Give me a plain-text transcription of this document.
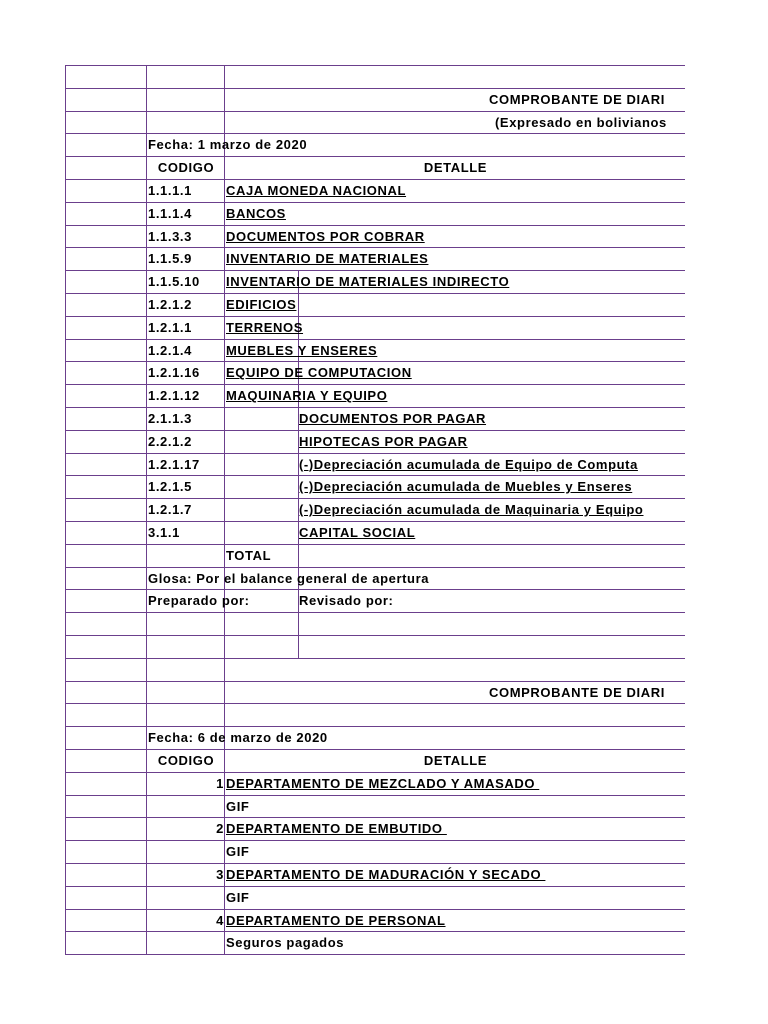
COMPROBANTE DE DIARI
(Expresado en bolivianos
Fecha: 1 marzo de 2020
CODIGO	DETALLE
1.1.1.1	CAJA MONEDA NACIONAL
1.1.1.4	BANCOS
1.1.3.3	DOCUMENTOS POR COBRAR
1.1.5.9	INVENTARIO DE MATERIALES
1.1.5.10 INVENTARIO DE MATERIALES INDIRECTO
1.2.1.2	EDIFICIOS
1.2.1.1	TERRENOS
1.2.1.4	MUEBLES Y ENSERES
1.2.1.16 EQUIPO DE COMPUTACION
1.2.1.12 MAQUINARIA Y EQUIPO
2.1.1.3	DOCUMENTOS POR PAGAR
2.2.1.2	HIPOTECAS POR PAGAR
1.2.1.17	(-)Depreciación acumulada de Equipo de Computa
1.2.1.5	(-)Depreciación acumulada de Muebles y Enseres
1.2.1.7	(-)Depreciación acumulada de Maquinaria y Equipo
3.1.1	CAPITAL SOCIAL
TOTAL
Glosa: Por el balance general de apertura
Preparado por:	Revisado por:
COMPROBANTE DE DIARI
Fecha: 6 de marzo de 2020
CODIGO	DETALLE
1 DEPARTAMENTO DE MEZCLADO Y AMASADO
GIF
2 DEPARTAMENTO DE EMBUTIDO
GIF
3 DEPARTAMENTO DE MADURACIÓN Y SECADO
GIF
4 DEPARTAMENTO DE PERSONAL
Seguros pagados
